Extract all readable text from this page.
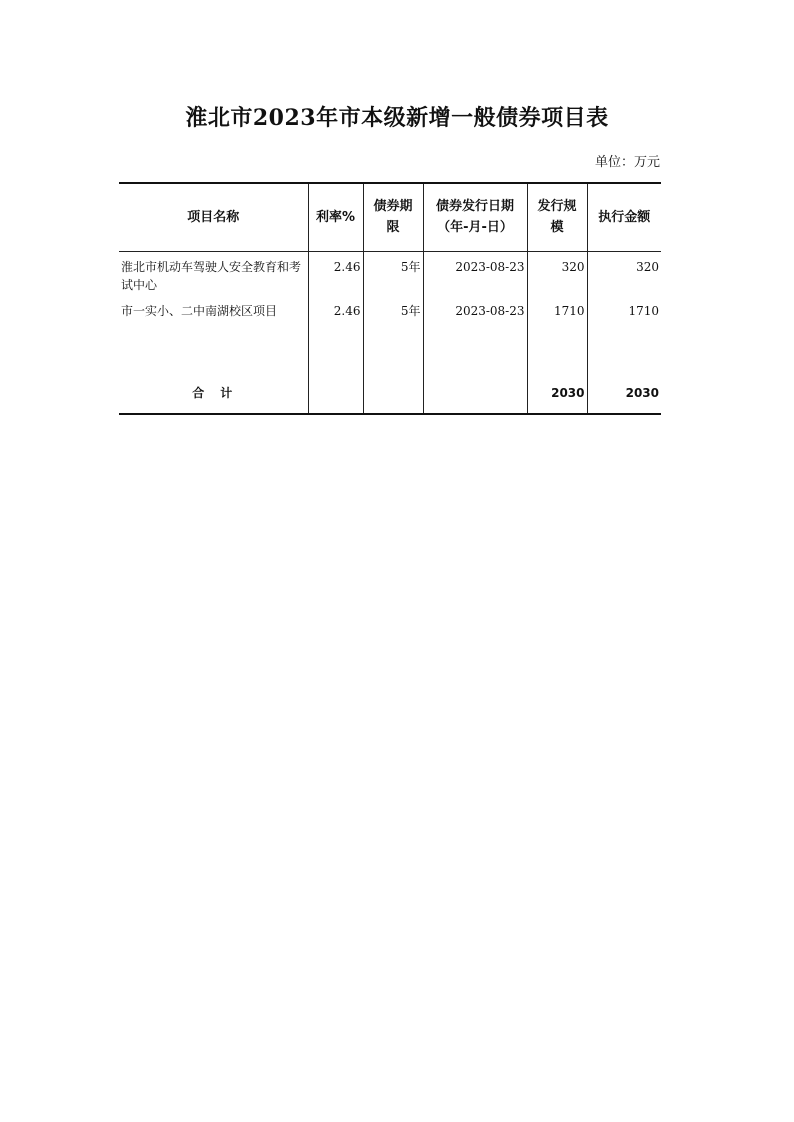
淮北市2023年市本级新增一般债券项目表
单位：万元
项目名称	利率%	债券期限	债券发行日期（年-月-日）	发行规模	执行金额
淮北市机动车驾驶人安全教育和考试中心	2.46	5年	2023-08-23	320	320
市一实小、二中南湖校区项目	2.46	5年	2023-08-23	1710	1710

合计				2030	2030
